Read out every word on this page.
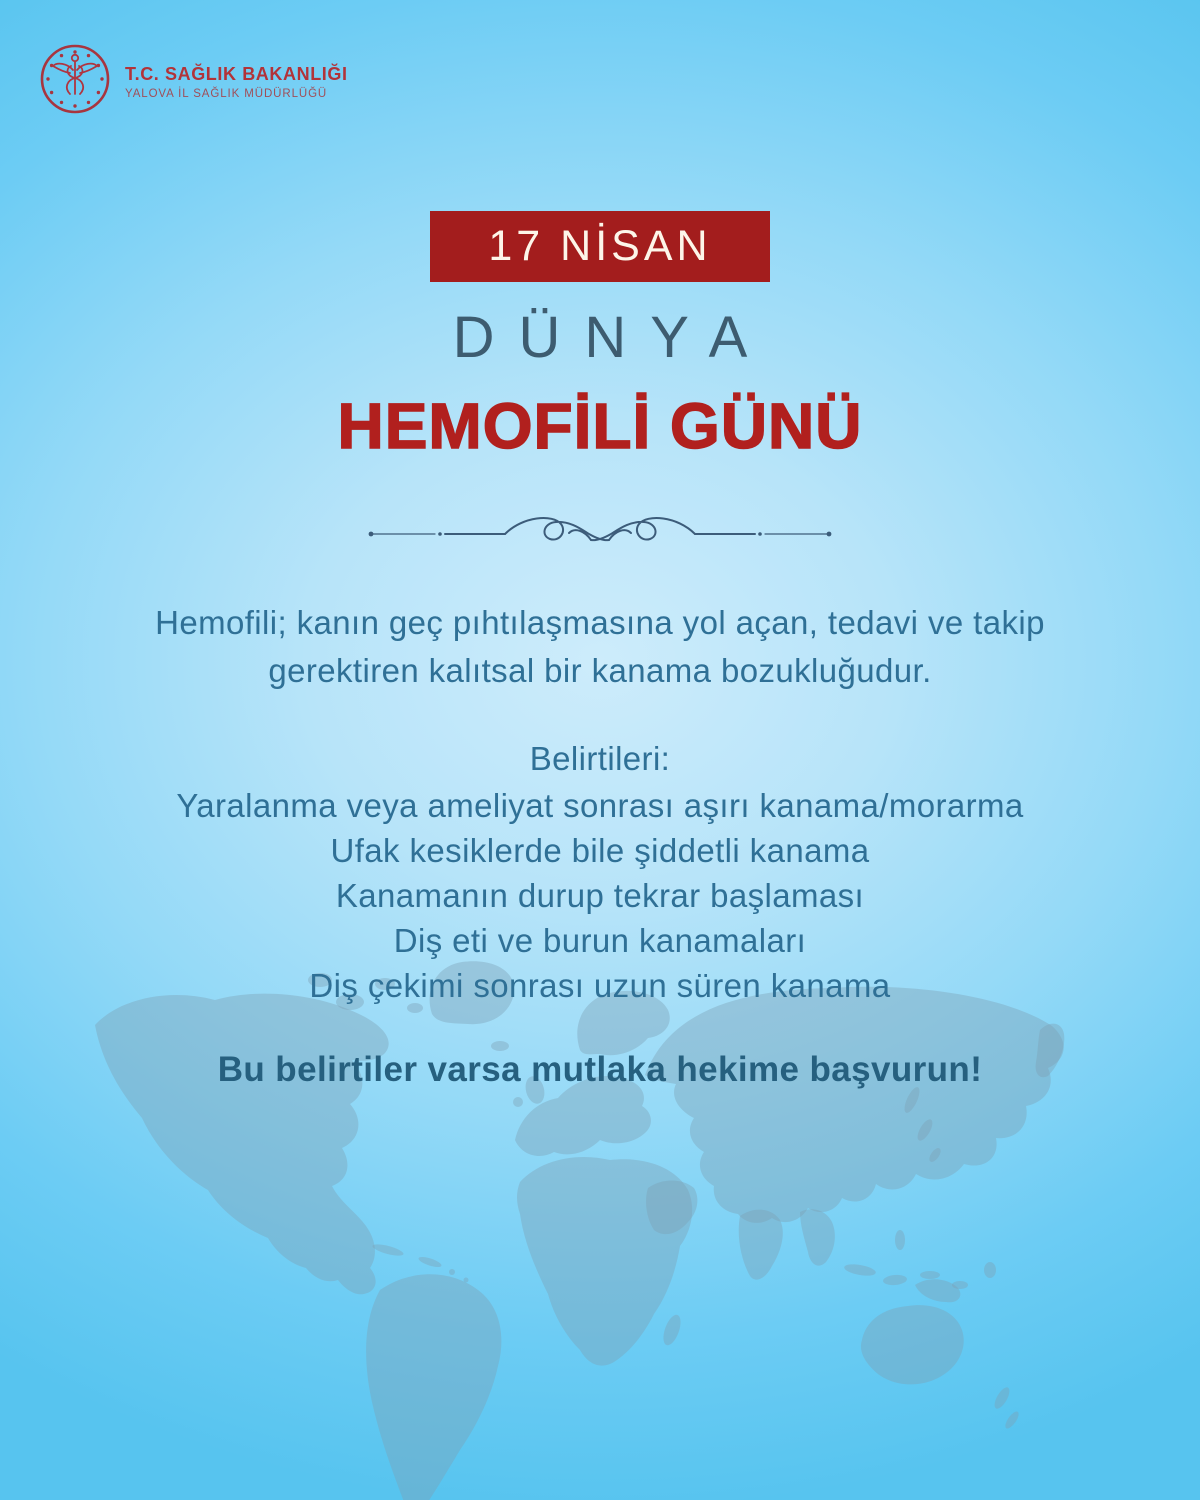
T.C. SAĞLIK BAKANLIĞI
YALOVA İL SAĞLIK MÜDÜRLÜĞÜ
17 NİSAN
DÜNYA
HEMOFİLİ GÜNÜ

Hemofili; kanın geç pıhtılaşmasına yol açan, tedavi ve takip
gerektiren kalıtsal bir kanama bozukluğudur.

Belirtileri:
Yaralanma veya ameliyat sonrası aşırı kanama/morarma
Ufak kesiklerde bile şiddetli kanama
Kanamanın durup tekrar başlaması
Diş eti ve burun kanamaları
Diş çekimi sonrası uzun süren kanama
Bu belirtiler varsa mutlaka hekime başvurun!
